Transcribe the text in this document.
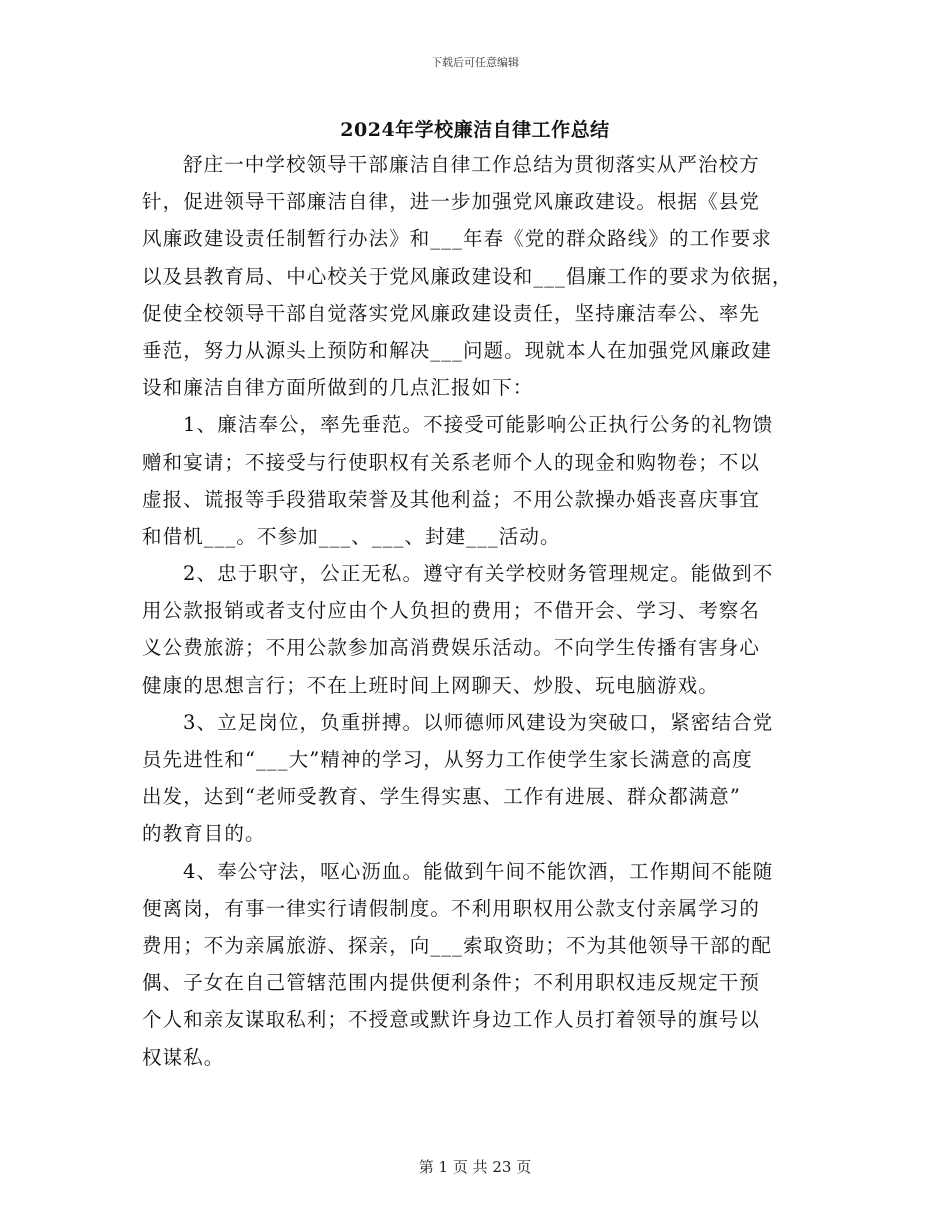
下载后可任意编辑
2024年学校廉洁自律工作总结
舒庄一中学校领导干部廉洁自律工作总结为贯彻落实从严治校方
针，促进领导干部廉洁自律，进一步加强党风廉政建设。根据《县党
风廉政建设责任制暂行办法》和___年春《党的群众路线》的工作要求
以及县教育局、中心校关于党风廉政建设和___倡廉工作的要求为依据，
促使全校领导干部自觉落实党风廉政建设责任，坚持廉洁奉公、率先
垂范，努力从源头上预防和解决___问题。现就本人在加强党风廉政建
设和廉洁自律方面所做到的几点汇报如下：
1、廉洁奉公，率先垂范。不接受可能影响公正执行公务的礼物馈
赠和宴请；不接受与行使职权有关系老师个人的现金和购物卷；不以
虚报、谎报等手段猎取荣誉及其他利益；不用公款操办婚丧喜庆事宜
和借机___。不参加___、___、封建___活动。
2、忠于职守，公正无私。遵守有关学校财务管理规定。能做到不
用公款报销或者支付应由个人负担的费用；不借开会、学习、考察名
义公费旅游；不用公款参加高消费娱乐活动。不向学生传播有害身心
健康的思想言行；不在上班时间上网聊天、炒股、玩电脑游戏。
3、立足岗位，负重拼搏。以师德师风建设为突破口，紧密结合党
员先进性和“___大”精神的学习，从努力工作使学生家长满意的高度
出发，达到“老师受教育、学生得实惠、工作有进展、群众都满意”
的教育目的。
4、奉公守法，呕心沥血。能做到午间不能饮酒，工作期间不能随
便离岗，有事一律实行请假制度。不利用职权用公款支付亲属学习的
费用；不为亲属旅游、探亲，向___索取资助；不为其他领导干部的配
偶、子女在自己管辖范围内提供便利条件；不利用职权违反规定干预
个人和亲友谋取私利；不授意或默许身边工作人员打着领导的旗号以
权谋私。
第 1 页 共 23 页
